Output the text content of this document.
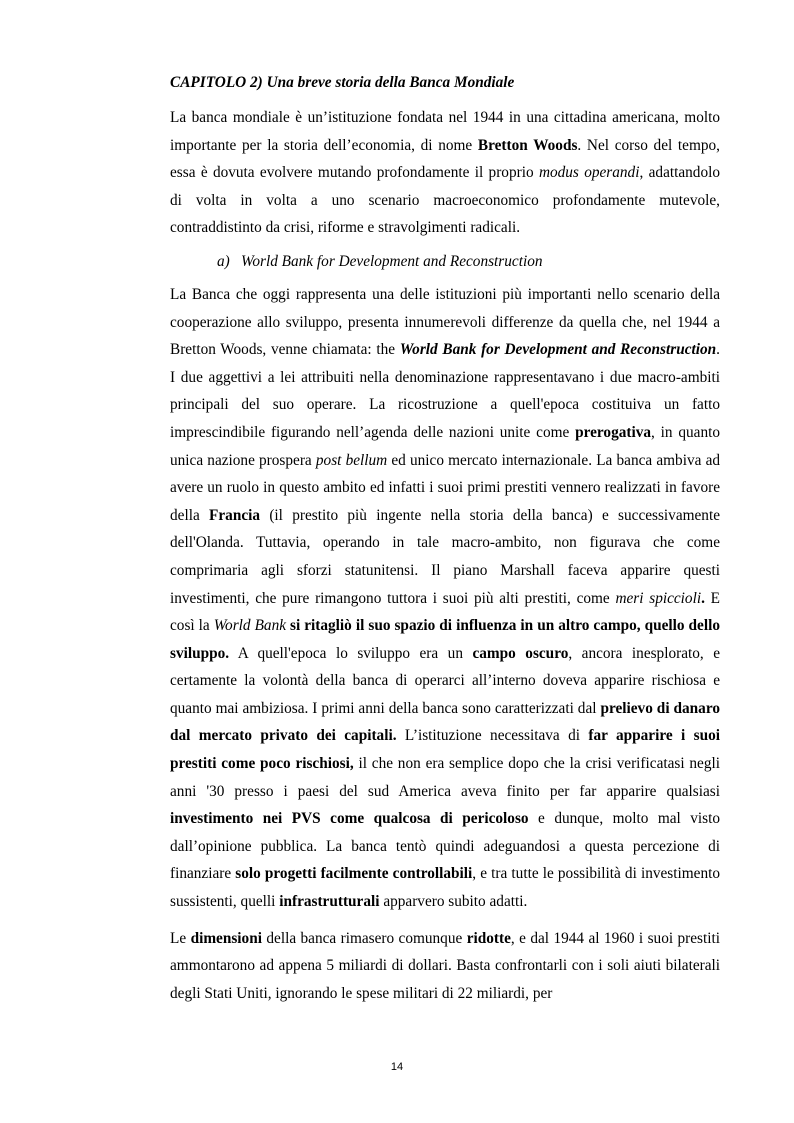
CAPITOLO 2) Una breve storia della Banca Mondiale

La banca mondiale è un’istituzione fondata nel 1944 in una cittadina americana, molto importante per la storia dell’economia, di nome Bretton Woods. Nel corso del tempo, essa è dovuta evolvere mutando profondamente il proprio modus operandi, adattandolo di volta in volta a uno scenario macroeconomico profondamente mutevole, contraddistinto da crisi, riforme e stravolgimenti radicali.

a) World Bank for Development and Reconstruction

La Banca che oggi rappresenta una delle istituzioni più importanti nello scenario della cooperazione allo sviluppo, presenta innumerevoli differenze da quella che, nel 1944 a Bretton Woods, venne chiamata: the World Bank for Development and Reconstruction. I due aggettivi a lei attribuiti nella denominazione rappresentavano i due macro-ambiti principali del suo operare. La ricostruzione a quell'epoca costituiva un fatto imprescindibile figurando nell’agenda delle nazioni unite come prerogativa, in quanto unica nazione prospera post bellum ed unico mercato internazionale. La banca ambiva ad avere un ruolo in questo ambito ed infatti i suoi primi prestiti vennero realizzati in favore della Francia (il prestito più ingente nella storia della banca) e successivamente dell'Olanda. Tuttavia, operando in tale macro-ambito, non figurava che come comprimaria agli sforzi statunitensi. Il piano Marshall faceva apparire questi investimenti, che pure rimangono tuttora i suoi più alti prestiti, come meri spiccioli. E così la World Bank si ritagliò il suo spazio di influenza in un altro campo, quello dello sviluppo. A quell'epoca lo sviluppo era un campo oscuro, ancora inesplorato, e certamente la volontà della banca di operarci all’interno doveva apparire rischiosa e quanto mai ambiziosa. I primi anni della banca sono caratterizzati dal prelievo di danaro dal mercato privato dei capitali. L’istituzione necessitava di far apparire i suoi prestiti come poco rischiosi, il che non era semplice dopo che la crisi verificatasi negli anni '30 presso i paesi del sud America aveva finito per far apparire qualsiasi investimento nei PVS come qualcosa di pericoloso e dunque, molto mal visto dall’opinione pubblica. La banca tentò quindi adeguandosi a questa percezione di finanziare solo progetti facilmente controllabili, e tra tutte le possibilità di investimento sussistenti, quelli infrastrutturali apparvero subito adatti.

Le dimensioni della banca rimasero comunque ridotte, e dal 1944 al 1960 i suoi prestiti ammontarono ad appena 5 miliardi di dollari. Basta confrontarli con i soli aiuti bilaterali degli Stati Uniti, ignorando le spese militari di 22 miliardi, per

14
